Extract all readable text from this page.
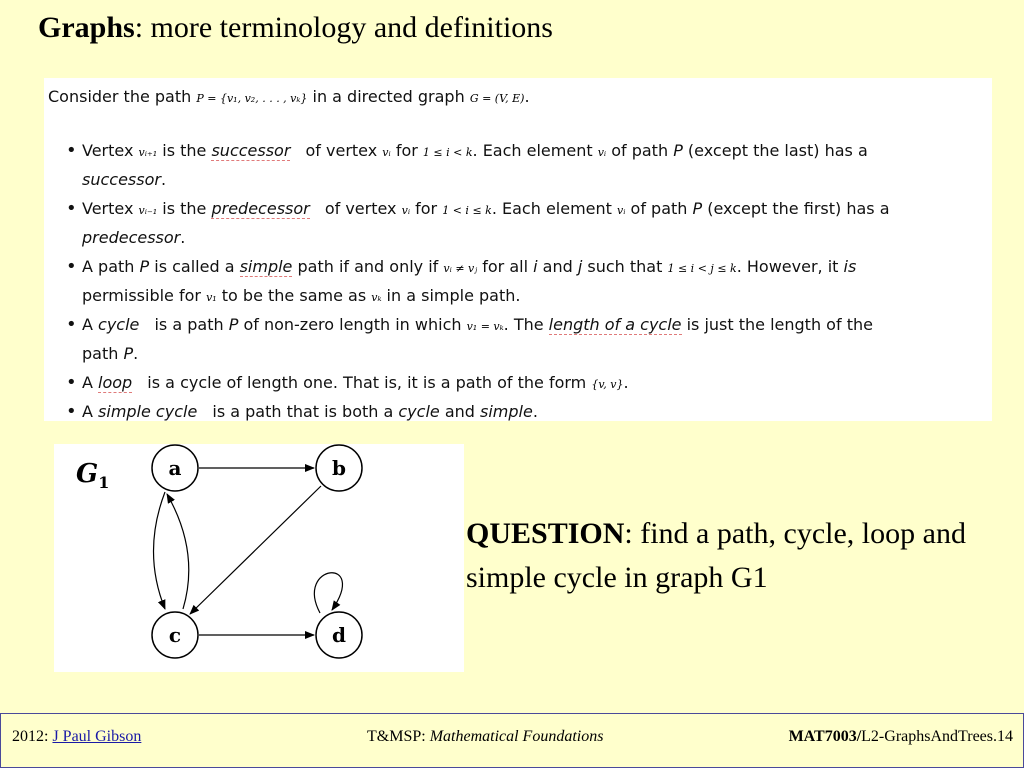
Graphs: more terminology and definitions
Consider the path P = {v₁, v₂, . . . , vₖ} in a directed graph G = (V, E).
• Vertex vᵢ₊₁ is the successor of vertex vᵢ for 1 ≤ i < k. Each element vᵢ of path P (except the last) has a
successor.
• Vertex vᵢ₋₁ is the predecessor of vertex vᵢ for 1 < i ≤ k. Each element vᵢ of path P (except the first) has a
predecessor.
• A path P is called a simple path if and only if vᵢ ≠ vⱼ for all i and j such that 1 ≤ i < j ≤ k. However, it is
permissible for v₁ to be the same as vₖ in a simple path.
• A cycle is a path P of non-zero length in which v₁ = vₖ. The length of a cycle is just the length of the
path P.
• A loop is a cycle of length one. That is, it is a path of the form {v, v}.
• A simple cycle is a path that is both a cycle and simple.
$G_1$
a	b
c	d
QUESTION: find a path, cycle, loop and simple cycle in graph G1
2012: J Paul Gibson	T&MSP: Mathematical Foundations	MAT7003/L2-GraphsAndTrees.14
